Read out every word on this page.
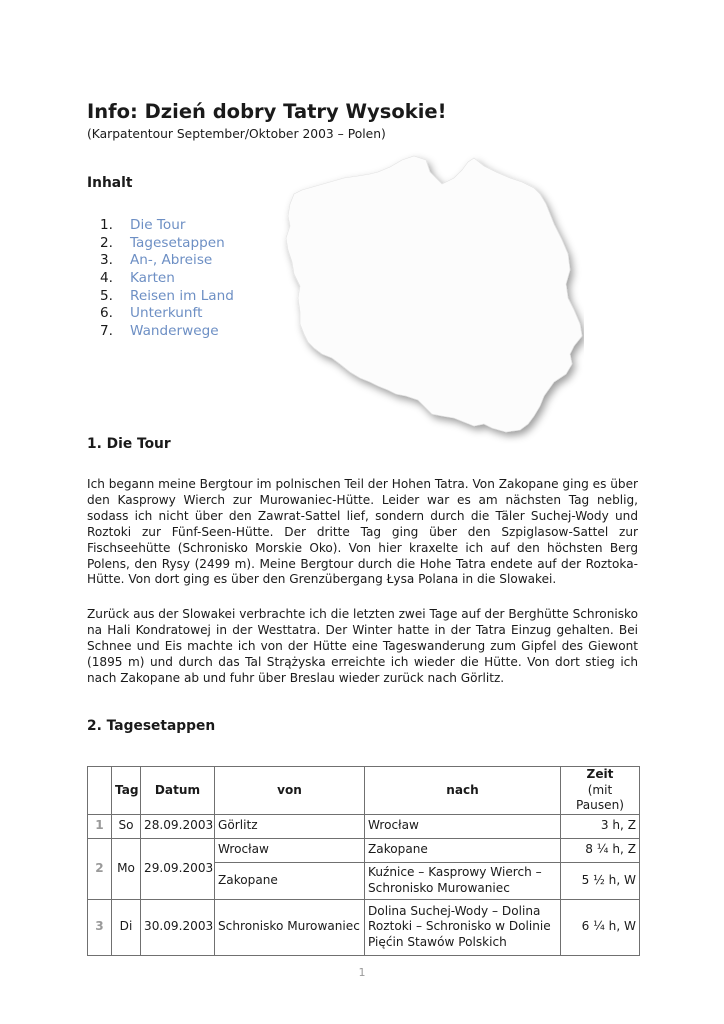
Info: Dzień dobry Tatry Wysokie!
(Karpatentour September/Oktober 2003 – Polen)
Inhalt
1. Die Tour
2. Tagesetappen
3. An-, Abreise
4. Karten
5. Reisen im Land
6. Unterkunft
7. Wanderwege
1. Die Tour

Ich begann meine Bergtour im polnischen Teil der Hohen Tatra. Von Zakopane ging es über den Kasprowy Wierch zur Murowaniec-Hütte. Leider war es am nächsten Tag neblig, sodass ich nicht über den Zawrat-Sattel lief, sondern durch die Täler Suchej-Wody und Roztoki zur Fünf-Seen-Hütte. Der dritte Tag ging über den Szpiglasow-Sattel zur Fischseehütte (Schronisko Morskie Oko). Von hier kraxelte ich auf den höchsten Berg Polens, den Rysy (2499 m). Meine Bergtour durch die Hohe Tatra endete auf der Roztoka-Hütte. Von dort ging es über den Grenzübergang Łysa Polana in die Slowakei.

Zurück aus der Slowakei verbrachte ich die letzten zwei Tage auf der Berghütte Schronisko na Hali Kondratowej in der Westtatra. Der Winter hatte in der Tatra Einzug gehalten. Bei Schnee und Eis machte ich von der Hütte eine Tageswanderung zum Gipfel des Giewont (1895 m) und durch das Tal Strążyska erreichte ich wieder die Hütte. Von dort stieg ich nach Zakopane ab und fuhr über Breslau wieder zurück nach Görlitz.

2. Tagesetappen
	Tag	Datum	von	nach	Zeit
(mit Pausen)

1	So	28.09.2003	Görlitz	Wrocław	3 h, Z
2	Mo	29.09.2003	Wrocław	Zakopane	8 ¼ h, Z
			Zakopane	Kuźnice – Kasprowy Wierch – Schronisko Murowaniec	5 ½ h, W
3	Di	30.09.2003	Schronisko Murowaniec	Dolina Suchej-Wody – Dolina Roztoki – Schronisko w Dolinie Pięćin Stawów Polskich	6 ¼ h, W
1
